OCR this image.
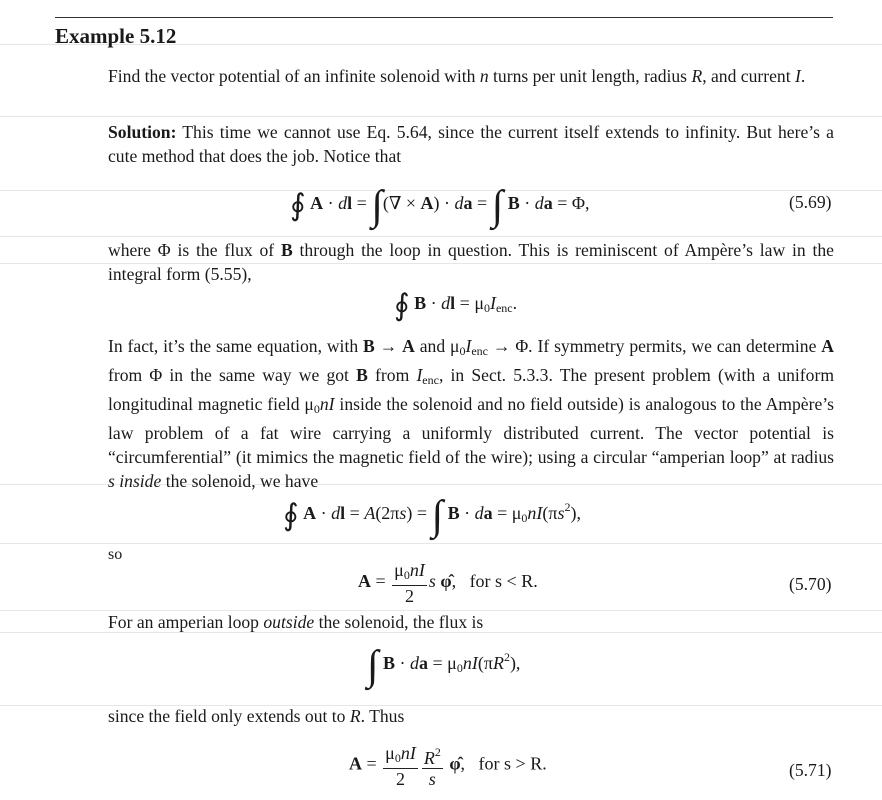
Example 5.12
Find the vector potential of an infinite solenoid with n turns per unit length, radius R, and current I.
Solution: This time we cannot use Eq. 5.64, since the current itself extends to infinity. But here’s a cute method that does the job. Notice that
∮ A · dl = ∫(∇ × A) · da = ∫ B · da = Φ,	(5.69)
where Φ is the flux of B through the loop in question. This is reminiscent of Ampère’s law in the integral form (5.55),
∮ B · dl = $\mu_0I_{enc}$.
In fact, it’s the same equation, with B → A and $\mu_0I_{enc} \to \Phi$. If symmetry permits, we can determine A from Φ in the same way we got B from $I_{enc}$, in Sect. 5.3.3. The present problem (with a uniform longitudinal magnetic field $\mu_0nI$ inside the solenoid and no field outside) is analogous to the Ampère’s law problem of a fat wire carrying a uniformly distributed current. The vector potential is “circumferential” (it mimics the magnetic field of the wire); using a circular “amperian loop” at radius s inside the solenoid, we have
∮ A · dl = A(2πs) = ∫ B · da = $\mu_0nI(\pi s^2)$,
so
$A = \frac{\mu_0nI}{2}$ s φ̂,   for s < R.	(5.70)
For an amperian loop outside the solenoid, the flux is
∫ B · da = $\mu_0nI(\pi R^2)$,
since the field only extends out to R. Thus
$A = \frac{\mu_0nI}{2} \frac{R^2}{s}$ φ̂,   for s > R.	(5.71)
